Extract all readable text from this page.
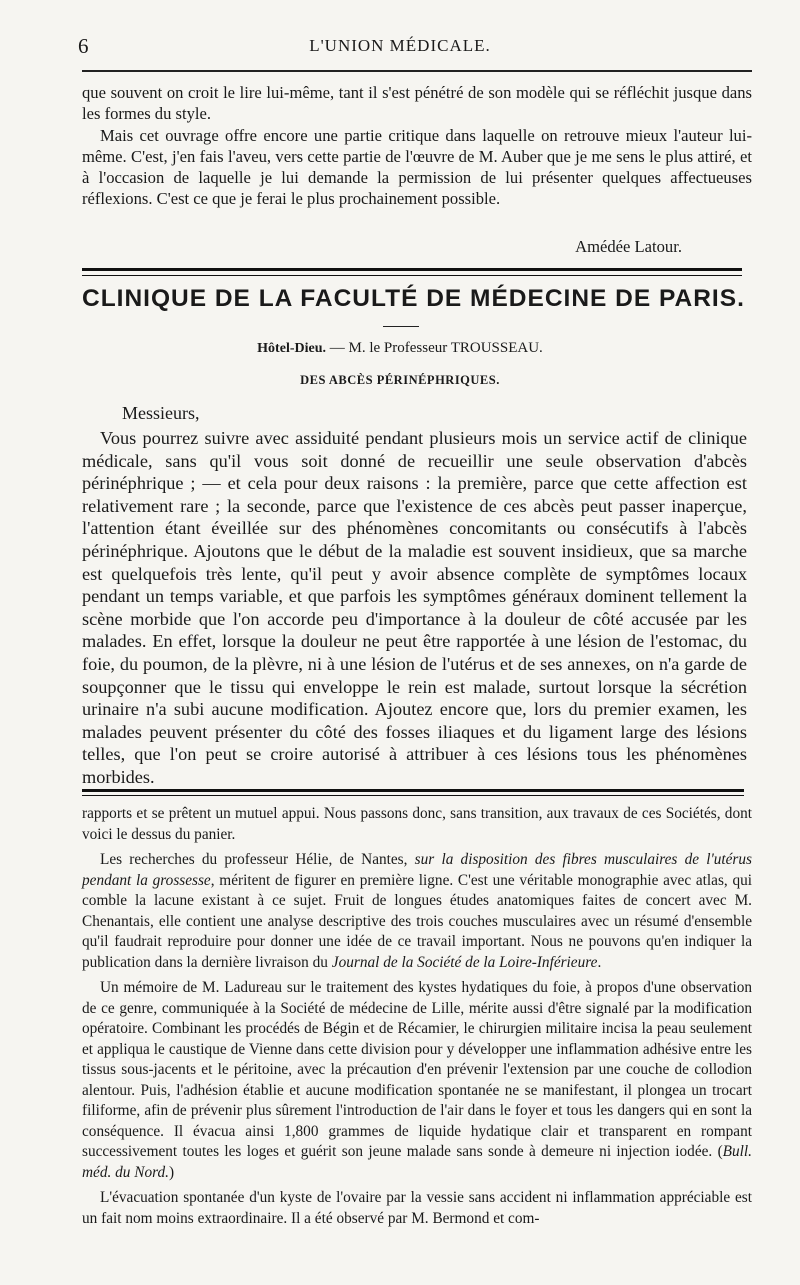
6	L'UNION MÉDICALE.

que souvent on croit le lire lui-même, tant il s'est pénétré de son modèle qui se réfléchit jusque dans les formes du style.

Mais cet ouvrage offre encore une partie critique dans laquelle on retrouve mieux l'auteur lui-même. C'est, j'en fais l'aveu, vers cette partie de l'œuvre de M. Auber que je me sens le plus attiré, et à l'occasion de laquelle je lui demande la permission de lui présenter quelques affectueuses réflexions. C'est ce que je ferai le plus prochainement possible.

Amédée Latour.
CLINIQUE DE LA FACULTÉ DE MÉDECINE DE PARIS.
Hôtel-Dieu. — M. le Professeur TROUSSEAU.
DES ABCÈS PÉRINÉPHRIQUES.
Messieurs,

Vous pourrez suivre avec assiduité pendant plusieurs mois un service actif de clinique médicale, sans qu'il vous soit donné de recueillir une seule observation d'abcès périnéphrique ; — et cela pour deux raisons : la première, parce que cette affection est relativement rare ; la seconde, parce que l'existence de ces abcès peut passer inaperçue, l'attention étant éveillée sur des phénomènes concomitants ou consécutifs à l'abcès périnéphrique. Ajoutons que le début de la maladie est souvent insidieux, que sa marche est quelquefois très lente, qu'il peut y avoir absence complète de symptômes locaux pendant un temps variable, et que parfois les symptômes généraux dominent tellement la scène morbide que l'on accorde peu d'importance à la douleur de côté accusée par les malades. En effet, lorsque la douleur ne peut être rapportée à une lésion de l'estomac, du foie, du poumon, de la plèvre, ni à une lésion de l'utérus et de ses annexes, on n'a garde de soupçonner que le tissu qui enveloppe le rein est malade, surtout lorsque la sécrétion urinaire n'a subi aucune modification. Ajoutez encore que, lors du premier examen, les malades peuvent présenter du côté des fosses iliaques et du ligament large des lésions telles, que l'on peut se croire autorisé à attribuer à ces lésions tous les phénomènes morbides.

rapports et se prêtent un mutuel appui. Nous passons donc, sans transition, aux travaux de ces Sociétés, dont voici le dessus du panier.

Les recherches du professeur Hélie, de Nantes, sur la disposition des fibres musculaires de l'utérus pendant la grossesse, méritent de figurer en première ligne. C'est une véritable monographie avec atlas, qui comble la lacune existant à ce sujet. Fruit de longues études anatomiques faites de concert avec M. Chenantais, elle contient une analyse descriptive des trois couches musculaires avec un résumé d'ensemble qu'il faudrait reproduire pour donner une idée de ce travail important. Nous ne pouvons qu'en indiquer la publication dans la dernière livraison du Journal de la Société de la Loire-Inférieure.

Un mémoire de M. Ladureau sur le traitement des kystes hydatiques du foie, à propos d'une observation de ce genre, communiquée à la Société de médecine de Lille, mérite aussi d'être signalé par la modification opératoire. Combinant les procédés de Bégin et de Récamier, le chirurgien militaire incisa la peau seulement et appliqua le caustique de Vienne dans cette division pour y développer une inflammation adhésive entre les tissus sous-jacents et le péritoine, avec la précaution d'en prévenir l'extension par une couche de collodion alentour. Puis, l'adhésion établie et aucune modification spontanée ne se manifestant, il plongea un trocart filiforme, afin de prévenir plus sûrement l'introduction de l'air dans le foyer et tous les dangers qui en sont la conséquence. Il évacua ainsi 1,800 grammes de liquide hydatique clair et transparent en rompant successivement toutes les loges et guérit son jeune malade sans sonde à demeure ni injection iodée. (Bull. méd. du Nord.)

L'évacuation spontanée d'un kyste de l'ovaire par la vessie sans accident ni inflammation appréciable est un fait nom moins extraordinaire. Il a été observé par M. Bermond et com-
